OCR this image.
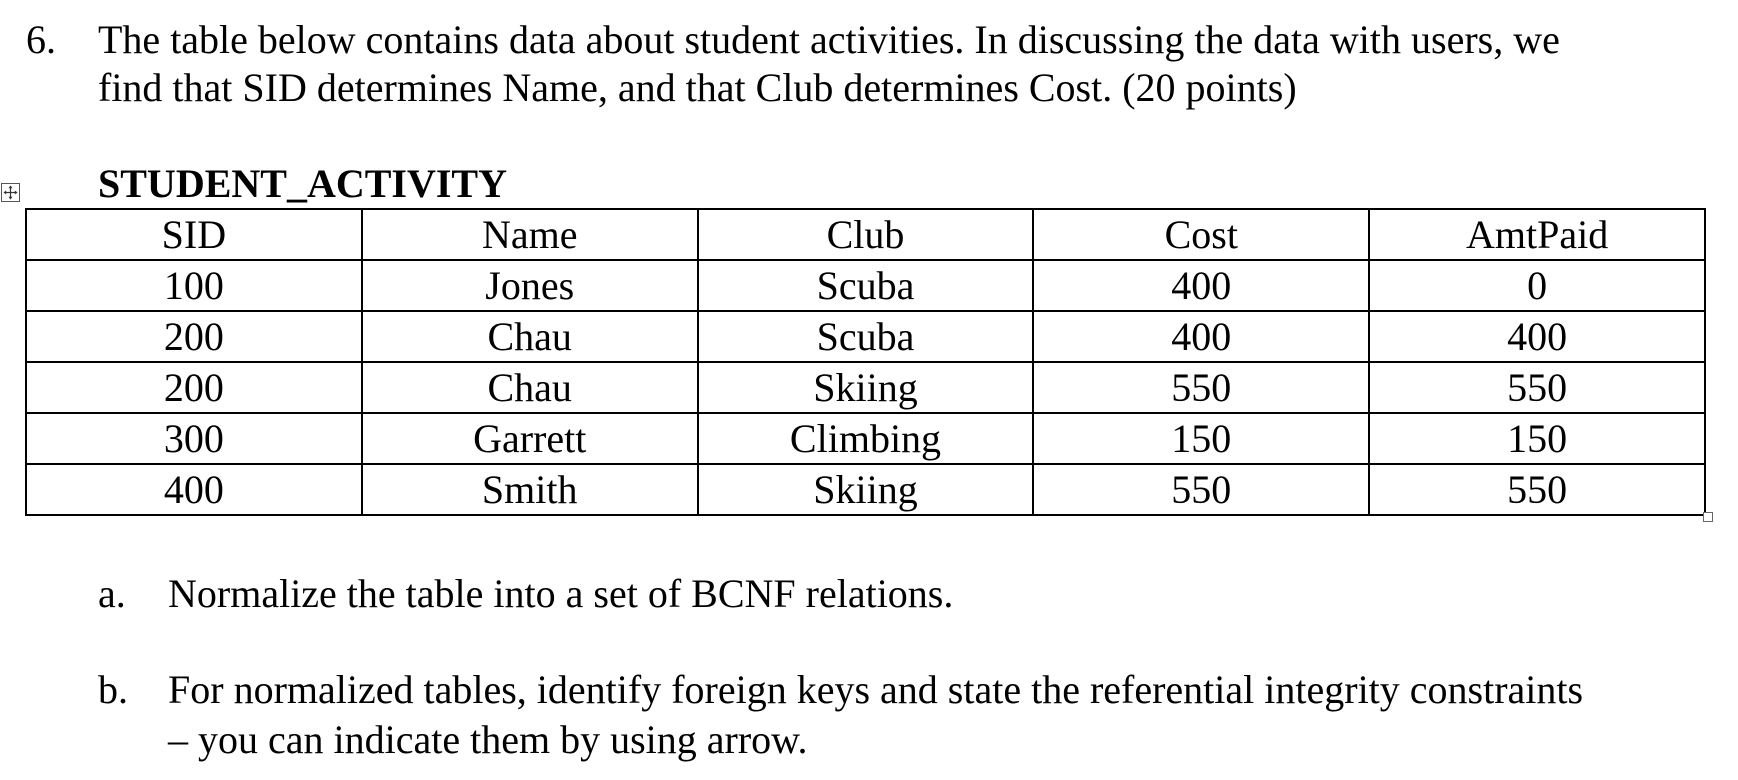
6. The table below contains data about student activities. In discussing the data with users, we
find that SID determines Name, and that Club determines Cost. (20 points)
STUDENT_ACTIVITY
SID	Name	Club	Cost	AmtPaid
100	Jones	Scuba	400	0
200	Chau	Scuba	400	400
200	Chau	Skiing	550	550
300	Garrett	Climbing	150	150
400	Smith	Skiing	550	550
a. Normalize the table into a set of BCNF relations.
b. For normalized tables, identify foreign keys and state the referential integrity constraints
– you can indicate them by using arrow.
